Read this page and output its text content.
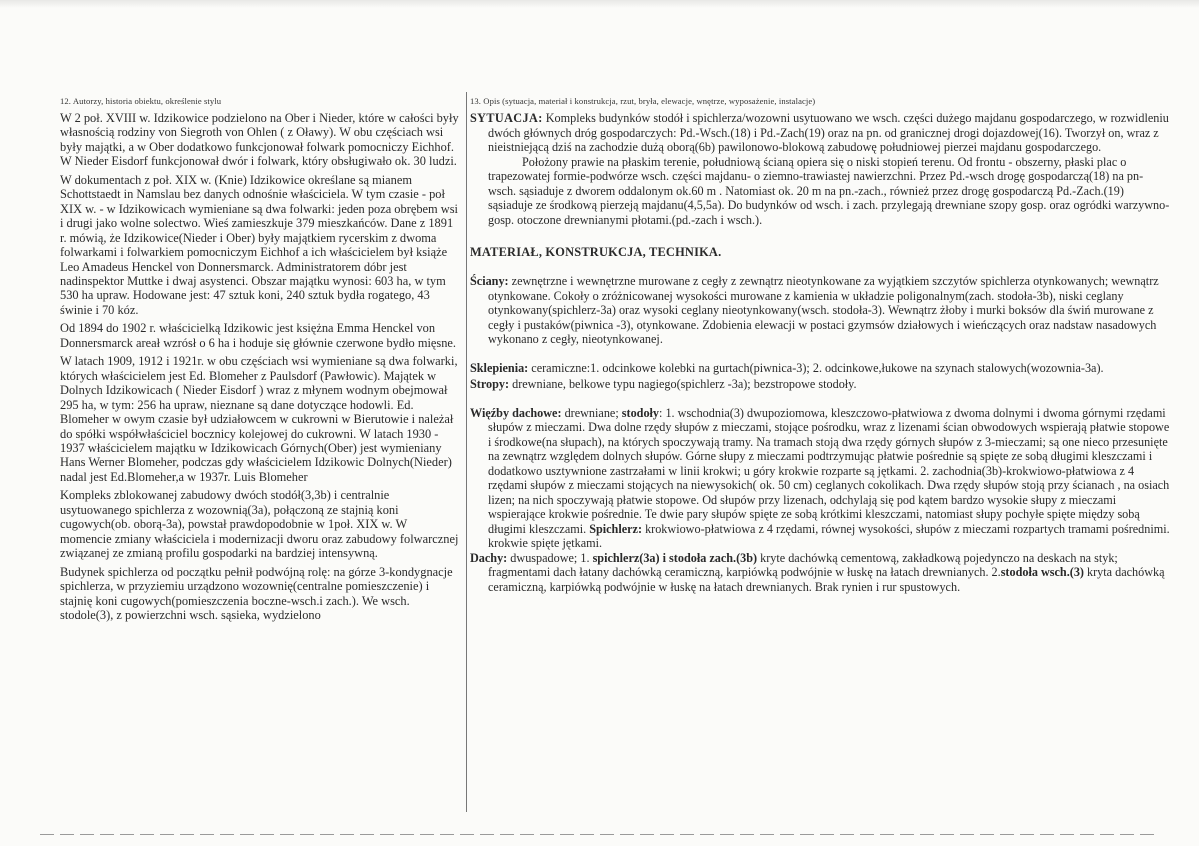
12. Autorzy, historia obiektu, określenie stylu

W 2 poł. XVIII w. Idzikowice podzielono na Ober i Nieder, które w całości były własnością rodziny von Siegroth von Ohlen ( z Oławy). W obu częściach wsi były majątki, a w Ober dodatkowo funkcjonował folwark pomocniczy Eichhof. W Nieder Eisdorf funkcjonował dwór i folwark, który obsługiwało ok. 30 ludzi.

W dokumentach z poł. XIX w. (Knie) Idzikowice określane są mianem Schottstaedt in Namslau bez danych odnośnie właściciela. W tym czasie - poł XIX w. - w Idzikowicach wymieniane są dwa folwarki: jeden poza obrębem wsi i drugi jako wolne solectwo. Wieś zamieszkuje 379 mieszkańców. Dane z 1891 r. mówią, że Idzikowice(Nieder i Ober) były majątkiem rycerskim z dwoma folwarkami i folwarkiem pomocniczym Eichhof a ich właścicielem był książe Leo Amadeus Henckel von Donnersmarck. Administratorem dóbr jest nadinspektor Muttke i dwaj asystenci. Obszar majątku wynosi: 603 ha, w tym 530 ha upraw. Hodowane jest: 47 sztuk koni, 240 sztuk bydła rogatego, 43 świnie i 70 kóz.

Od 1894 do 1902 r. właścicielką Idzikowic jest księżna Emma Henckel von Donnersmarck areał wzrósł o 6 ha i hoduje się głównie czerwone bydło mięsne.

W latach 1909, 1912 i 1921r. w obu częściach wsi wymieniane są dwa folwarki, których właścicielem jest Ed. Blomeher z Paulsdorf (Pawłowic). Majątek w Dolnych Idzikowicach ( Nieder Eisdorf ) wraz z młynem wodnym obejmował 295 ha, w tym: 256 ha upraw, nieznane są dane dotyczące hodowli. Ed. Blomeher w owym czasie był udziałowcem w cukrowni w Bierutowie i należał do spółki współwłaściciel bocznicy kolejowej do cukrowni. W latach 1930 - 1937 właścicielem majątku w Idzikowicach Górnych(Ober) jest wymieniany Hans Werner Blomeher, podczas gdy właścicielem Idzikowic Dolnych(Nieder) nadal jest Ed.Blomeher,a w 1937r. Luis Blomeher

Kompleks zblokowanej zabudowy dwóch stodół(3,3b) i centralnie usytuowanego spichlerza z wozownią(3a), połączoną ze stajnią koni cugowych(ob. oborą-3a), powstał prawdopodobnie w 1poł. XIX w. W momencie zmiany właściciela i modernizacji dworu oraz zabudowy folwarcznej związanej ze zmianą profilu gospodarki na bardziej intensywną.

Budynek spichlerza od początku pełnił podwójną rolę: na górze 3-kondygnacje spichlerza, w przyziemiu urządzono wozownię(centralne pomieszczenie) i stajnię koni cugowych(pomieszczenia boczne-wsch.i zach.). We wsch. stodole(3), z powierzchni wsch. sąsieka, wydzielono

13. Opis (sytuacja, materiał i konstrukcja, rzut, bryła, elewacje, wnętrze, wyposażenie, instalacje)

SYTUACJA: Kompleks budynków stodół i spichlerza/wozowni usytuowano we wsch. części dużego majdanu gospodarczego, w rozwidleniu dwóch głównych dróg gospodarczych: Pd.-Wsch.(18) i Pd.-Zach(19) oraz na pn. od granicznej drogi dojazdowej(16). Tworzył on, wraz z nieistniejącą dziś na zachodzie dużą oborą(6b) pawilonowo-blokową zabudowę południowej pierzei majdanu gospodarczego.

Położony prawie na płaskim terenie, południową ścianą opiera się o niski stopień terenu. Od frontu - obszerny, płaski plac o trapezowatej formie-podwórze wsch. części majdanu- o ziemno-trawiastej nawierzchni. Przez Pd.-wsch drogę gospodarczą(18) na pn-wsch. sąsiaduje z dworem oddalonym ok.60 m . Natomiast ok. 20 m na pn.-zach., również przez drogę gospodarczą Pd.-Zach.(19) sąsiaduje ze środkową pierzeją majdanu(4,5,5a). Do budynków od wsch. i zach. przylegają drewniane szopy gosp. oraz ogródki warzywno-gosp. otoczone drewnianymi płotami.(pd.-zach i wsch.).

MATERIAŁ, KONSTRUKCJA, TECHNIKA.

Ściany: zewnętrzne i wewnętrzne murowane z cegły z zewnątrz nieotynkowane za wyjątkiem szczytów spichlerza otynkowanych; wewnątrz otynkowane. Cokoły o zróżnicowanej wysokości murowane z kamienia w układzie poligonalnym(zach. stodoła-3b), niski ceglany otynkowany(spichlerz-3a) oraz wysoki ceglany nieotynkowany(wsch. stodoła-3). Wewnątrz żłoby i murki boksów dla świń murowane z cegły i pustaków(piwnica -3), otynkowane. Zdobienia elewacji w postaci gzymsów działowych i wieńczących oraz nadstaw nasadowych wykonano z cegły, nieotynkowanej.

Sklepienia: ceramiczne:1. odcinkowe kolebki na gurtach(piwnica-3); 2. odcinkowe,łukowe na szynach stalowych(wozownia-3a).

Stropy: drewniane, belkowe typu nagiego(spichlerz -3a); bezstropowe stodoły.

Więźby dachowe: drewniane; stodoły: 1. wschodnia(3) dwupoziomowa, kleszczowo-płatwiowa z dwoma dolnymi i dwoma górnymi rzędami słupów z mieczami. Dwa dolne rzędy słupów z mieczami, stojące pośrodku, wraz z lizenami ścian obwodowych wspierają płatwie stopowe i środkowe(na słupach), na których spoczywają tramy. Na tramach stoją dwa rzędy górnych słupów z 3-mieczami; są one nieco przesunięte na zewnątrz względem dolnych słupów. Górne słupy z mieczami podtrzymując płatwie pośrednie są spięte ze sobą długimi kleszczami i dodatkowo usztywnione zastrzałami w linii krokwi; u góry krokwie rozparte są jętkami. 2. zachodnia(3b)-krokwiowo-płatwiowa z 4 rzędami słupów z mieczami stojących na niewysokich( ok. 50 cm) ceglanych cokolikach. Dwa rzędy słupów stoją przy ścianach , na osiach lizen; na nich spoczywają płatwie stopowe. Od słupów przy lizenach, odchylają się pod kątem bardzo wysokie słupy z mieczami wspierające krokwie pośrednie. Te dwie pary słupów spięte ze sobą krótkimi kleszczami, natomiast słupy pochyłe spięte między sobą długimi kleszczami. Spichlerz: krokwiowo-płatwiowa z 4 rzędami, równej wysokości, słupów z mieczami rozpartych tramami pośrednimi. krokwie spięte jętkami.

Dachy: dwuspadowe; 1. spichlerz(3a) i stodoła zach.(3b) kryte dachówką cementową, zakładkową pojedynczo na deskach na styk; fragmentami dach łatany dachówką ceramiczną, karpiówką podwójnie w łuskę na łatach drewnianych. 2.stodoła wsch.(3) kryta dachówką ceramiczną, karpiówką podwójnie w łuskę na łatach drewnianych. Brak rynien i rur spustowych.
